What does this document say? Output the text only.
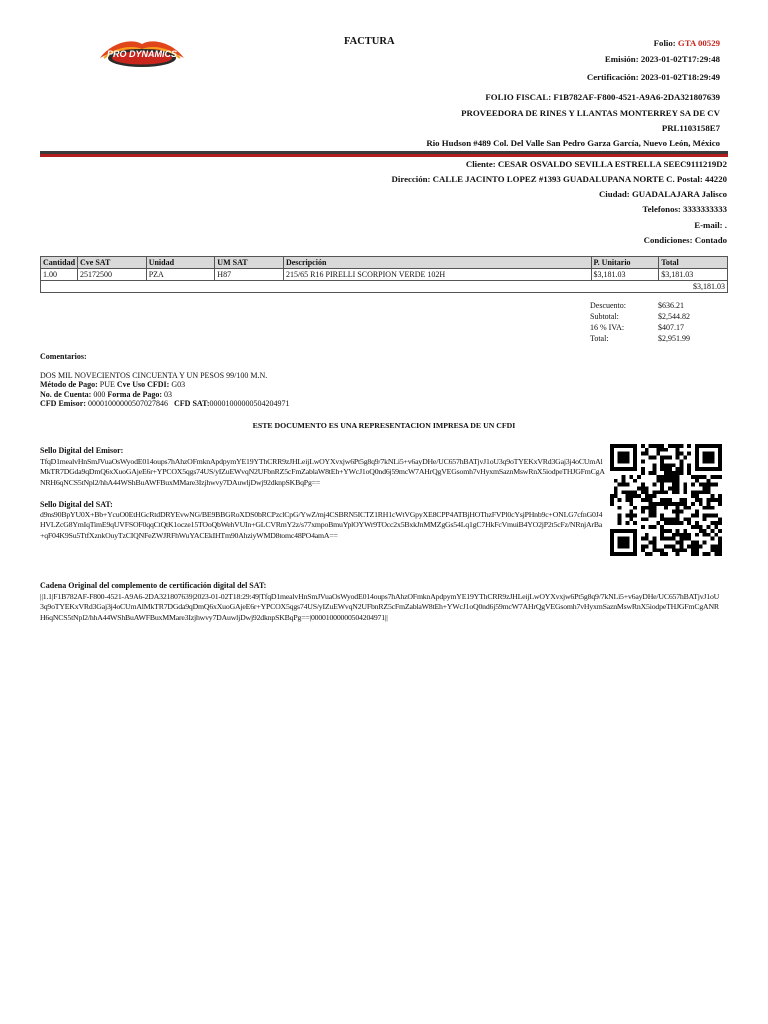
PRO DYNAMICS
FACTURA	Folio: GTA 00529
Emisión: 2023-01-02T17:29:48
Certificación: 2023-01-02T18:29:49
FOLIO FISCAL: F1B782AF-F800-4521-A9A6-2DA321807639
PROVEEDORA DE RINES Y LLANTAS MONTERREY SA DE CV
PRL1103158E7
Rio Hudson #489 Col. Del Valle San Pedro Garza García, Nuevo León, México
Cliente: CESAR OSVALDO SEVILLA ESTRELLA SEEC9111219D2
Dirección: CALLE JACINTO LOPEZ #1393 GUADALUPANA NORTE C. Postal: 44220
Ciudad: GUADALAJARA Jalisco
Telefonos: 3333333333
E-mail: .
Condiciones: Contado
Cantidad	Cve SAT	Unidad	UM SAT	Descripción	P. Unitario	Total
1.00	25172500	PZA	H87	215/65 R16 PIRELLI SCORPION VERDE 102H	$3,181.03	$3,181.03
$3,181.03						
Descuento:	$636.21
Subtotal:	$2,544.82
16 % IVA:	$407.17
Total:	$2,951.99
Comentarios:
DOS MIL NOVECIENTOS CINCUENTA Y UN PESOS 99/100 M.N.
Método de Pago: PUE Cve Uso CFDI: G03
No. de Cuenta: 000 Forma de Pago: 03
CFD Emisor: 00001000000507027846 CFD SAT:00001000000504204971
ESTE DOCUMENTO ES UNA REPRESENTACION IMPRESA DE UN CFDI
Sello Digital del Emisor:
TfqD1mealvHnSmJVuaOsWyodE014oups7hAhzOFmknApdpymYE19YThCRR9zJHLeijLwOYXvxjw6Pt5g8q9/7kNLi5+v6ayDHe/UC657hBATjvJ1oU3q9oTYEKxVRd3Gaj3j4oCUmAlMkTR7DGda9qDmQ6xXuoGAjeE6r+YPCOX5qgs74US/yIZuEWvqN2UFbnRZ5cFmZablaW8tEh+YWcJ1oQ0nd6j59mcW7AHrQgVEGsomh7vHyxmSaznMswRnX5iodpeTHJGFmCgANRH6qNCS5tNpl2/hhA44WShBuAWFBuxMMare3Izjhwvy7DAuwljDwj92dknpSKBqPg==
Sello Digital del SAT:
d9ns90BpYU0X+Bb+YcuO0EtHGcRtdDRYEvwNG/BE9BBGRoXDS0bRCPzclCpG/YwZ/mj4CSBRN5ICTZ1RH1cWtVGpyXE8CPP4ATBjHOThzFVPl0cYsjPHnb9c+ONLG7cfnG0J4HVLZcG8YmIqTimE9qUVFSOF0qqCtQtK1ocze15TOoQbWehVUIn+GLCVRmY2z/s77xmpoBmuYplOYWr9TOcc2x5BxkJnMMZgGs54Lq1gC7HkFcVmuiB4YO2jP2t5cFz/NRnjArBa+qF04K9Su5TtfXznkOuyTzCIQNFeZWJRFhWuYACEkIHTm90AhziyWMD8tomc48PO4amA==
Cadena Original del complemento de certificación digital del SAT:
||1.1|F1B782AF-F800-4521-A9A6-2DA321807639|2023-01-02T18:29:49|TfqD1mealvHnSmJVuaOsWyodE014oups7hAhzOFmknApdpymYE19YThCRR9zJHLeijLwOYXvxjw6Pt5g8q9/7kNLi5+v6ayDHe/UC657hBATjvJ1oU3q9oTYEKxVRd3Gaj3j4oCUmAlMkTR7DGda9qDmQ6xXuoGAjeE6r+YPCOX5qgs74US/yIZuEWvqN2UFbnRZ5cFmZablaW8tEh+YWcJ1oQ0nd6j59mcW7AHrQgVEGsomh7vHyxmSaznMswRnX5iodpeTHJGFmCgANRH6qNCS5tNpl2/hhA44WShBuAWFBuxMMare3Izjhwvy7DAuwljDwj92dknpSKBqPg==|00001000000504204971||
